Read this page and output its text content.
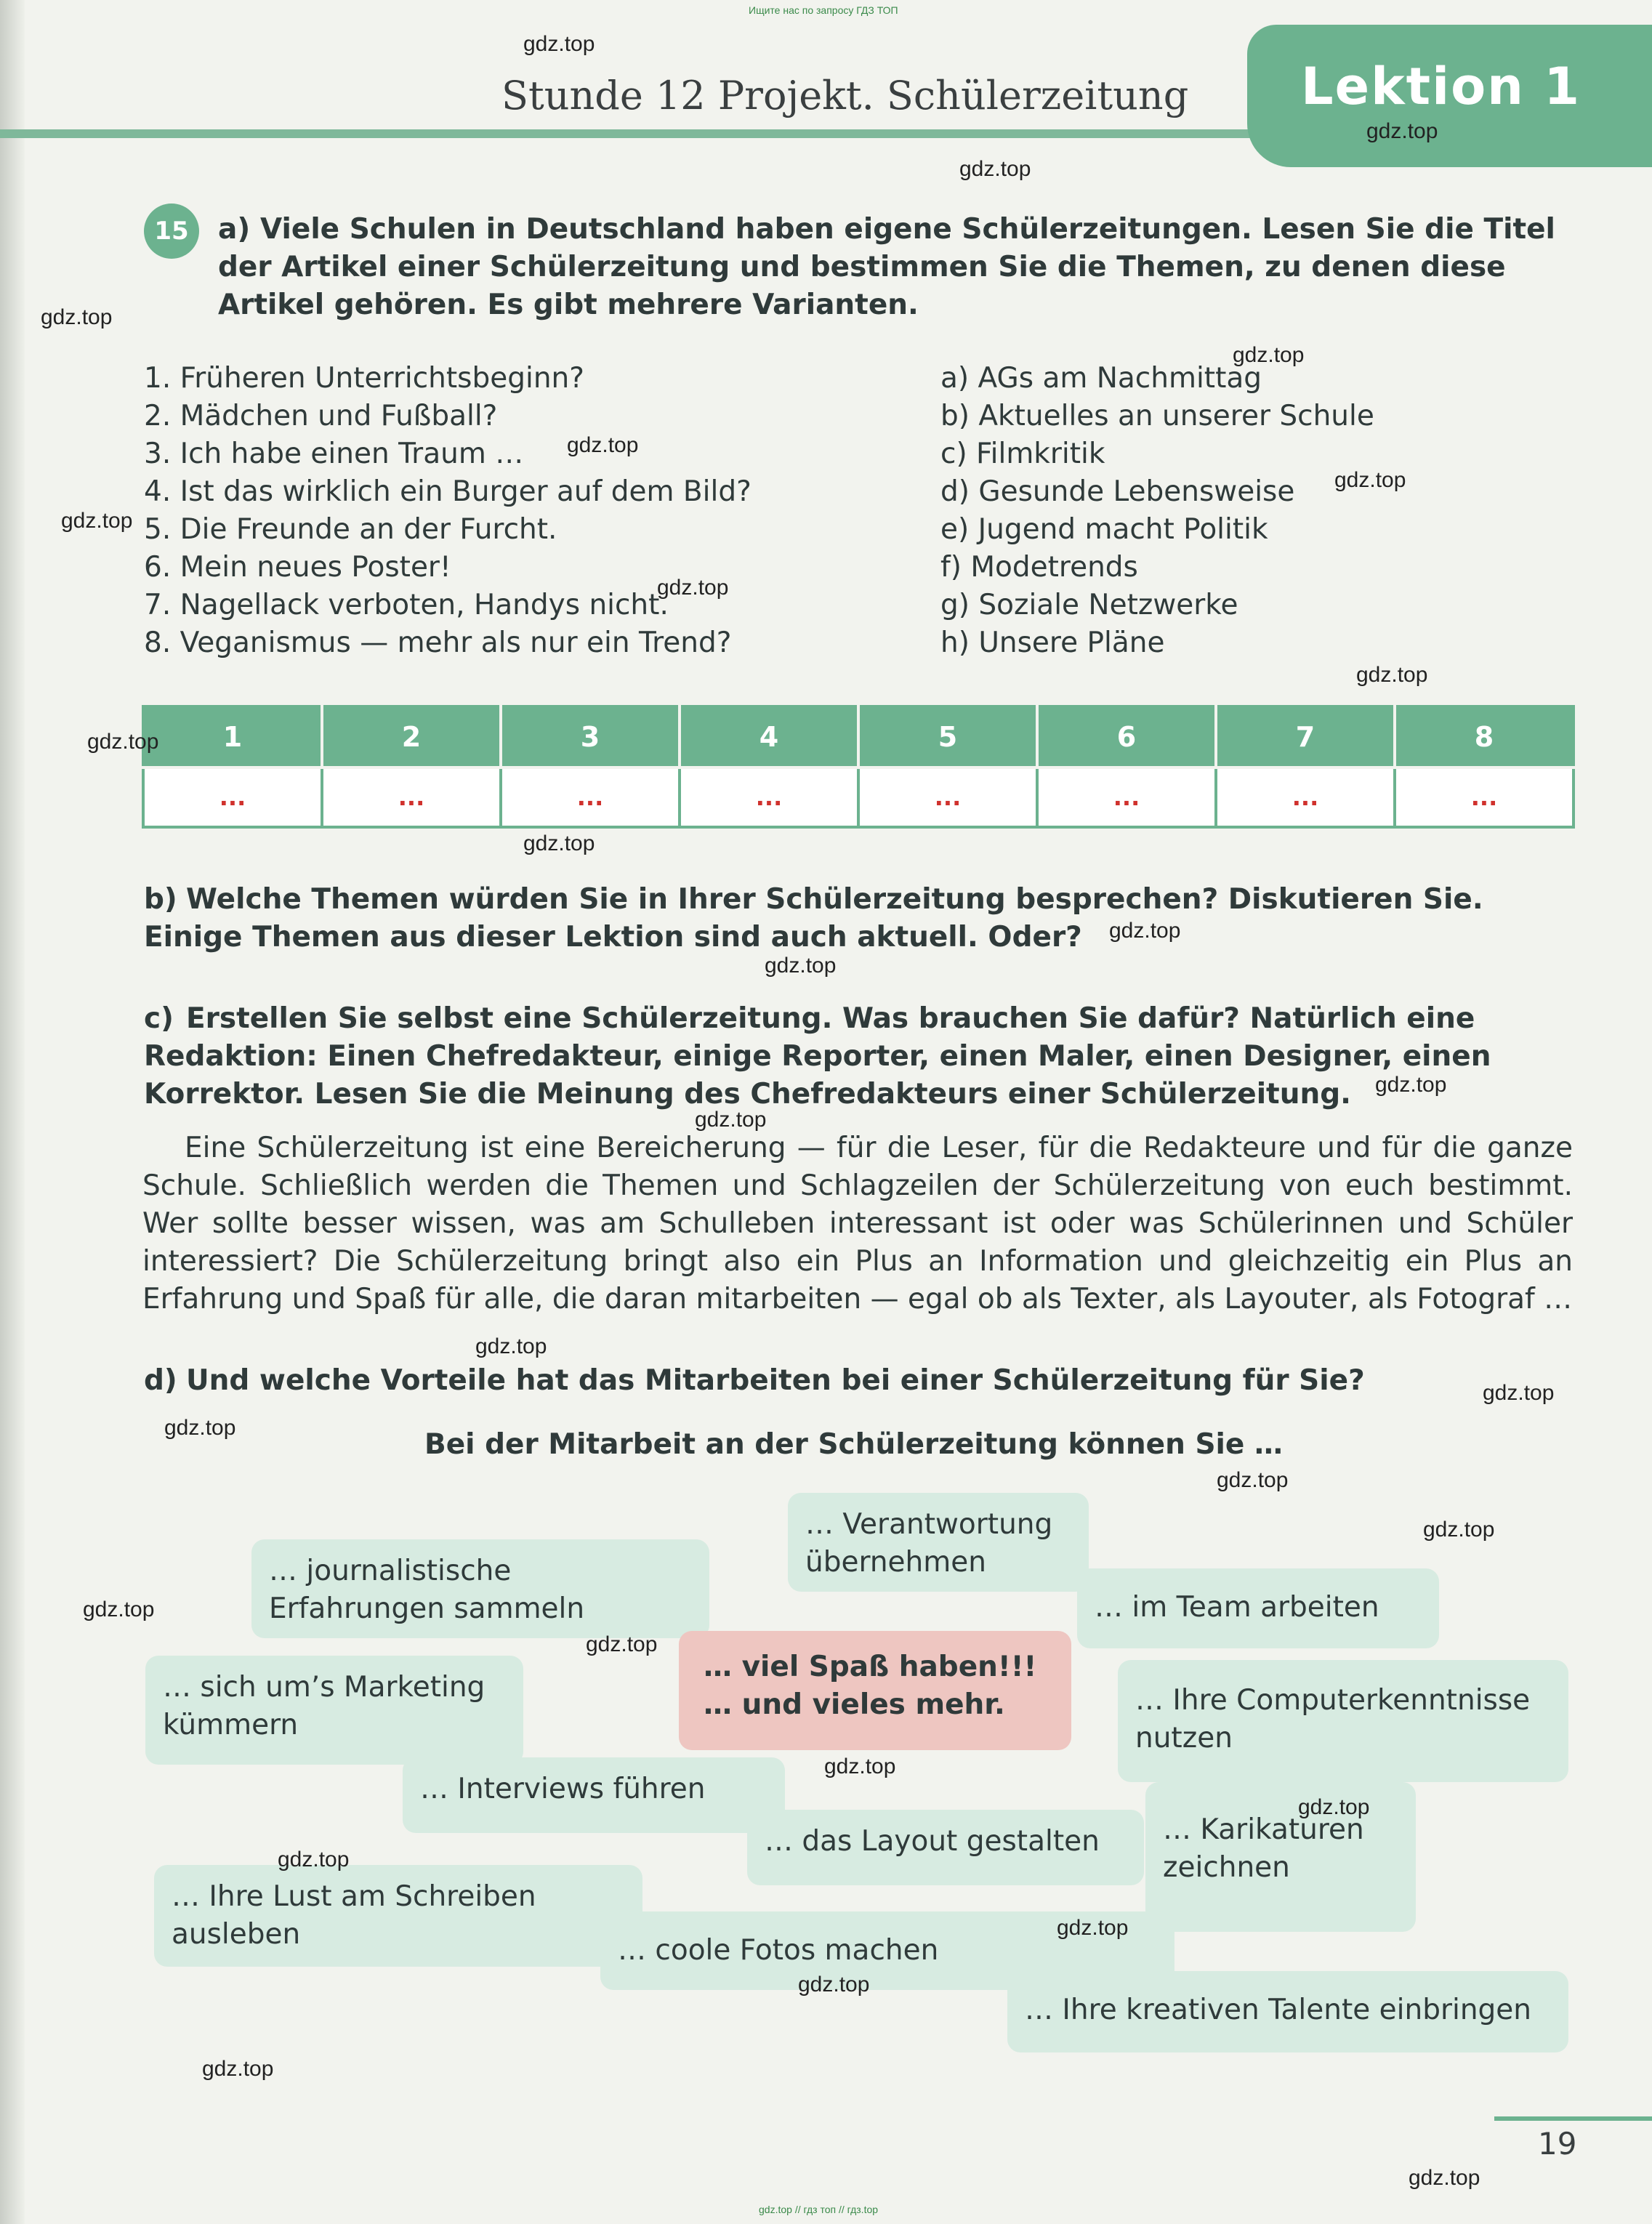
Ищите нас по запросу ГДЗ ТОП
Stunde 12 Projekt. Schülerzeitung Lektion 1
15	a) Viele Schulen in Deutschland haben eigene Schülerzeitungen. Lesen Sie die Titel der Artikel einer Schülerzeitung und bestimmen Sie die Themen, zu denen diese Artikel gehören. Es gibt mehrere Varianten.
1. Früheren Unterrichtsbeginn?
2. Mädchen und Fußball?
3. Ich habe einen Traum …
4. Ist das wirklich ein Burger auf dem Bild?
5. Die Freunde an der Furcht.
6. Mein neues Poster!
7. Nagellack verboten, Handys nicht.
8. Veganismus — mehr als nur ein Trend?
a) AGs am Nachmittag
b) Aktuelles an unserer Schule
c) Filmkritik
d) Gesunde Lebensweise
e) Jugend macht Politik
f) Modetrends
g) Soziale Netzwerke
h) Unsere Pläne
1	2	3	4	5	6	7	8
...	...	...	...	...	...	...	...
b) Welche Themen würden Sie in Ihrer Schülerzeitung besprechen? Diskutieren Sie. Einige Themen aus dieser Lektion sind auch aktuell. Oder?
c) Erstellen Sie selbst eine Schülerzeitung. Was brauchen Sie dafür? Natürlich eine Redaktion: Einen Chefredakteur, einige Reporter, einen Maler, einen Designer, einen Korrektor. Lesen Sie die Meinung des Chefredakteurs einer Schülerzeitung.
Eine Schülerzeitung ist eine Bereicherung — für die Leser, für die Redakteure und für die ganze Schule. Schließlich werden die Themen und Schlagzeilen der Schülerzeitung von euch bestimmt. Wer sollte besser wissen, was am Schulleben interessant ist oder was Schülerinnen und Schüler interessiert? Die Schülerzeitung bringt also ein Plus an Information und gleichzeitig ein Plus an Erfahrung und Spaß für alle, die daran mitarbeiten — egal ob als Texter, als Layouter, als Fotograf …
d) Und welche Vorteile hat das Mitarbeiten bei einer Schülerzeitung für Sie?
Bei der Mitarbeit an der Schülerzeitung können Sie …
… Verantwortung übernehmen
… journalistische Erfahrungen sammeln	… im Team arbeiten
… viel Spaß haben!!!
… und vieles mehr.
… sich um’s Marketing kümmern
… Ihre Computerkenntnisse nutzen
… Interviews führen
… das Layout gestalten	… Karikaturen zeichnen
… Ihre Lust am Schreiben ausleben	… coole Fotos machen
… Ihre kreativen Talente einbringen
19
gdz.top // гдз топ // гдз.top
gdz.top
gdz.top
gdz.top
gdz.top
gdz.top
gdz.top
gdz.top
gdz.top
gdz.top
gdz.top
gdz.top
gdz.top
gdz.top
gdz.top
gdz.top
gdz.top
gdz.top
gdz.top
gdz.top
gdz.top
gdz.top
gdz.top
gdz.top
gdz.top
gdz.top
gdz.top
gdz.top
gdz.top
gdz.top
gdz.top
